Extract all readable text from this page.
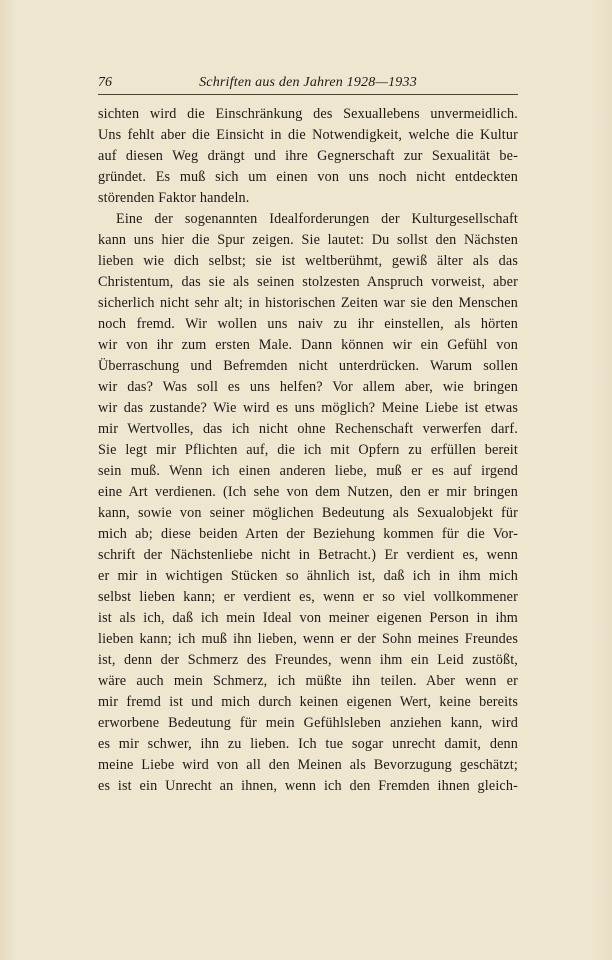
76	Schriften aus den Jahren 1928—1933
sichten wird die Einschränkung des Sexuallebens unvermeidlich.
Uns fehlt aber die Einsicht in die Notwendigkeit, welche die Kultur
auf diesen Weg drängt und ihre Gegnerschaft zur Sexualität be-
gründet. Es muß sich um einen von uns noch nicht entdeckten
störenden Faktor handeln.
Eine der sogenannten Idealforderungen der Kulturgesellschaft
kann uns hier die Spur zeigen. Sie lautet: Du sollst den Nächsten
lieben wie dich selbst; sie ist weltberühmt, gewiß älter als das
Christentum, das sie als seinen stolzesten Anspruch vorweist, aber
sicherlich nicht sehr alt; in historischen Zeiten war sie den Menschen
noch fremd. Wir wollen uns naiv zu ihr einstellen, als hörten
wir von ihr zum ersten Male. Dann können wir ein Gefühl von
Überraschung und Befremden nicht unterdrücken. Warum sollen
wir das? Was soll es uns helfen? Vor allem aber, wie bringen
wir das zustande? Wie wird es uns möglich? Meine Liebe ist etwas
mir Wertvolles, das ich nicht ohne Rechenschaft verwerfen darf.
Sie legt mir Pflichten auf, die ich mit Opfern zu erfüllen bereit
sein muß. Wenn ich einen anderen liebe, muß er es auf irgend
eine Art verdienen. (Ich sehe von dem Nutzen, den er mir bringen
kann, sowie von seiner möglichen Bedeutung als Sexualobjekt für
mich ab; diese beiden Arten der Beziehung kommen für die Vor-
schrift der Nächstenliebe nicht in Betracht.) Er verdient es, wenn
er mir in wichtigen Stücken so ähnlich ist, daß ich in ihm mich
selbst lieben kann; er verdient es, wenn er so viel vollkommener
ist als ich, daß ich mein Ideal von meiner eigenen Person in ihm
lieben kann; ich muß ihn lieben, wenn er der Sohn meines Freundes
ist, denn der Schmerz des Freundes, wenn ihm ein Leid zustößt,
wäre auch mein Schmerz, ich müßte ihn teilen. Aber wenn er
mir fremd ist und mich durch keinen eigenen Wert, keine bereits
erworbene Bedeutung für mein Gefühlsleben anziehen kann, wird
es mir schwer, ihn zu lieben. Ich tue sogar unrecht damit, denn
meine Liebe wird von all den Meinen als Bevorzugung geschätzt;
es ist ein Unrecht an ihnen, wenn ich den Fremden ihnen gleich-
